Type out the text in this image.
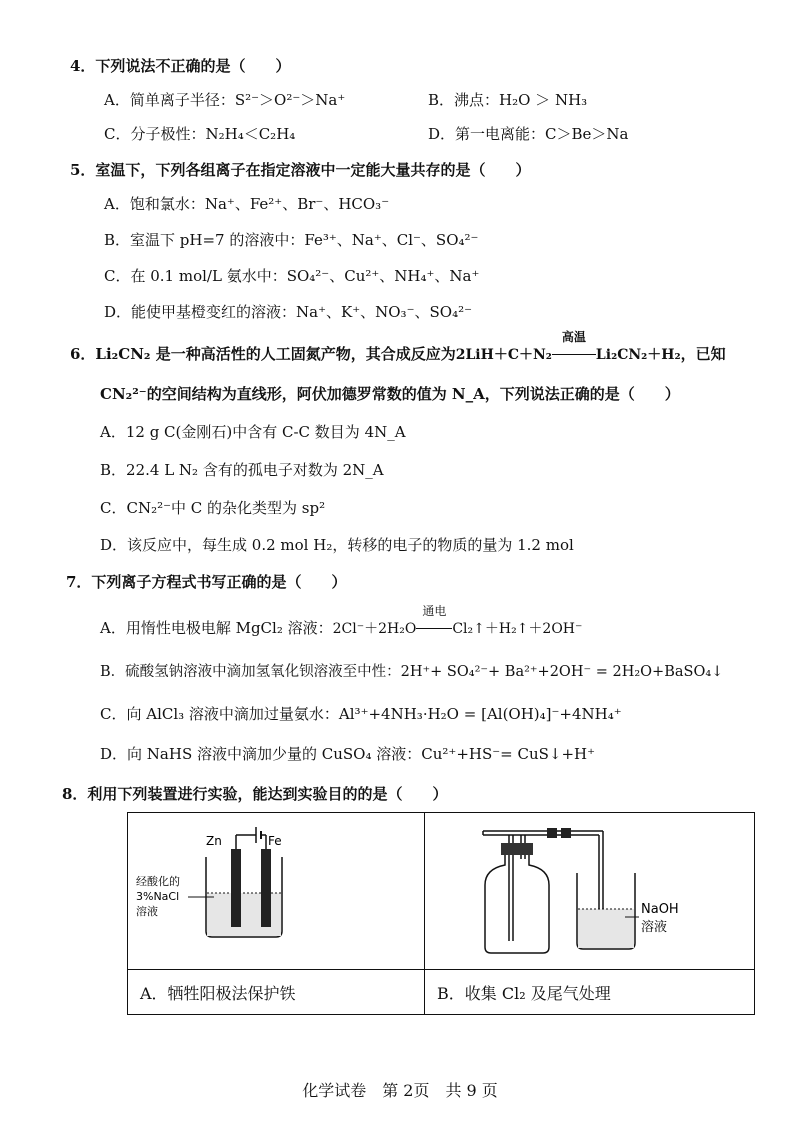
4．下列说法不正确的是（　　）
A．简单离子半径：S²⁻＞O²⁻＞Na⁺	B．沸点：H₂O ＞ NH₃
C．分子极性：N₂H₄＜C₂H₄	D．第一电离能：C＞Be＞Na
5．室温下，下列各组离子在指定溶液中一定能大量共存的是（　　）
A．饱和氯水：Na⁺、Fe²⁺、Br⁻、HCO₃⁻
B．室温下 pH=7 的溶液中：Fe³⁺、Na⁺、Cl⁻、SO₄²⁻
C．在 0.1 mol/L 氨水中：SO₄²⁻、Cu²⁺、NH₄⁺、Na⁺
D．能使甲基橙变红的溶液：Na⁺、K⁺、NO₃⁻、SO₄²⁻
6．Li₂CN₂ 是一种高活性的人工固氮产物，其合成反应为2LiH＋C＋N₂
高温
Li₂CN₂＋H₂，已知
CN₂²⁻的空间结构为直线形，阿伏加德罗常数的值为 N_A，下列说法正确的是（　　）
A．12 g C(金刚石)中含有 C-C 数目为 4N_A
B．22.4 L N₂ 含有的孤电子对数为 2N_A
C．CN₂²⁻中 C 的杂化类型为 sp²
D．该反应中，每生成 0.2 mol H₂，转移的电子的物质的量为 1.2 mol
7．下列离子方程式书写正确的是（　　）
A．用惰性电极电解 MgCl₂ 溶液：2Cl⁻＋2H₂O
通电
Cl₂↑＋H₂↑＋2OH⁻
B．硫酸氢钠溶液中滴加氢氧化钡溶液至中性：2H⁺+ SO₄²⁻+ Ba²⁺+2OH⁻ = 2H₂O+BaSO₄↓
C．向 AlCl₃ 溶液中滴加过量氨水：Al³⁺+4NH₃·H₂O = [Al(OH)₄]⁻+4NH₄⁺
D．向 NaHS 溶液中滴加少量的 CuSO₄ 溶液：Cu²⁺+HS⁻= CuS↓+H⁺
8．利用下列装置进行实验，能达到实验目的的是（　　）
Zn Fe
经酸化的
3%NaCl
溶液	NaOH
溶液

A．牺牲阳极法保护铁	B．收集 Cl₂ 及尾气处理
化学试卷　第 2页　共 9 页
